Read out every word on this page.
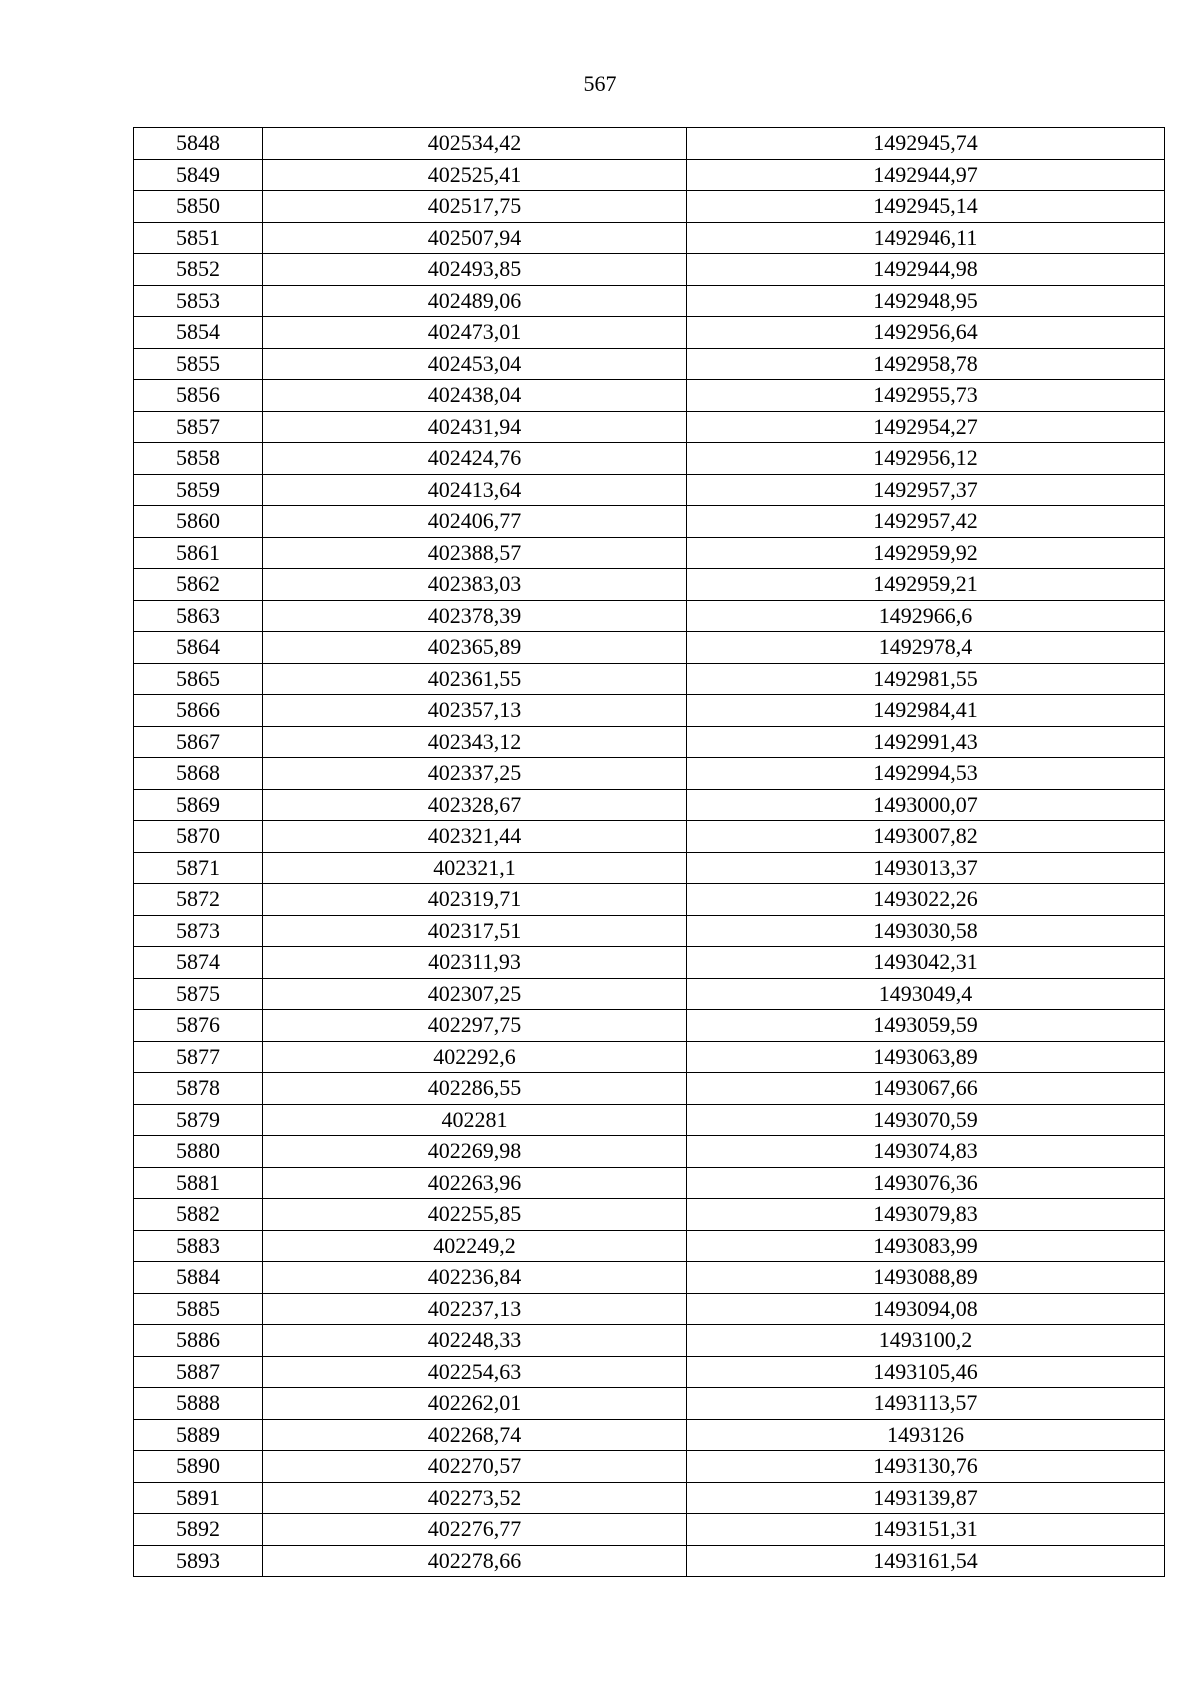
567
5848	402534,42	1492945,74
5849	402525,41	1492944,97
5850	402517,75	1492945,14
5851	402507,94	1492946,11
5852	402493,85	1492944,98
5853	402489,06	1492948,95
5854	402473,01	1492956,64
5855	402453,04	1492958,78
5856	402438,04	1492955,73
5857	402431,94	1492954,27
5858	402424,76	1492956,12
5859	402413,64	1492957,37
5860	402406,77	1492957,42
5861	402388,57	1492959,92
5862	402383,03	1492959,21
5863	402378,39	1492966,6
5864	402365,89	1492978,4
5865	402361,55	1492981,55
5866	402357,13	1492984,41
5867	402343,12	1492991,43
5868	402337,25	1492994,53
5869	402328,67	1493000,07
5870	402321,44	1493007,82
5871	402321,1	1493013,37
5872	402319,71	1493022,26
5873	402317,51	1493030,58
5874	402311,93	1493042,31
5875	402307,25	1493049,4
5876	402297,75	1493059,59
5877	402292,6	1493063,89
5878	402286,55	1493067,66
5879	402281	1493070,59
5880	402269,98	1493074,83
5881	402263,96	1493076,36
5882	402255,85	1493079,83
5883	402249,2	1493083,99
5884	402236,84	1493088,89
5885	402237,13	1493094,08
5886	402248,33	1493100,2
5887	402254,63	1493105,46
5888	402262,01	1493113,57
5889	402268,74	1493126
5890	402270,57	1493130,76
5891	402273,52	1493139,87
5892	402276,77	1493151,31
5893	402278,66	1493161,54
